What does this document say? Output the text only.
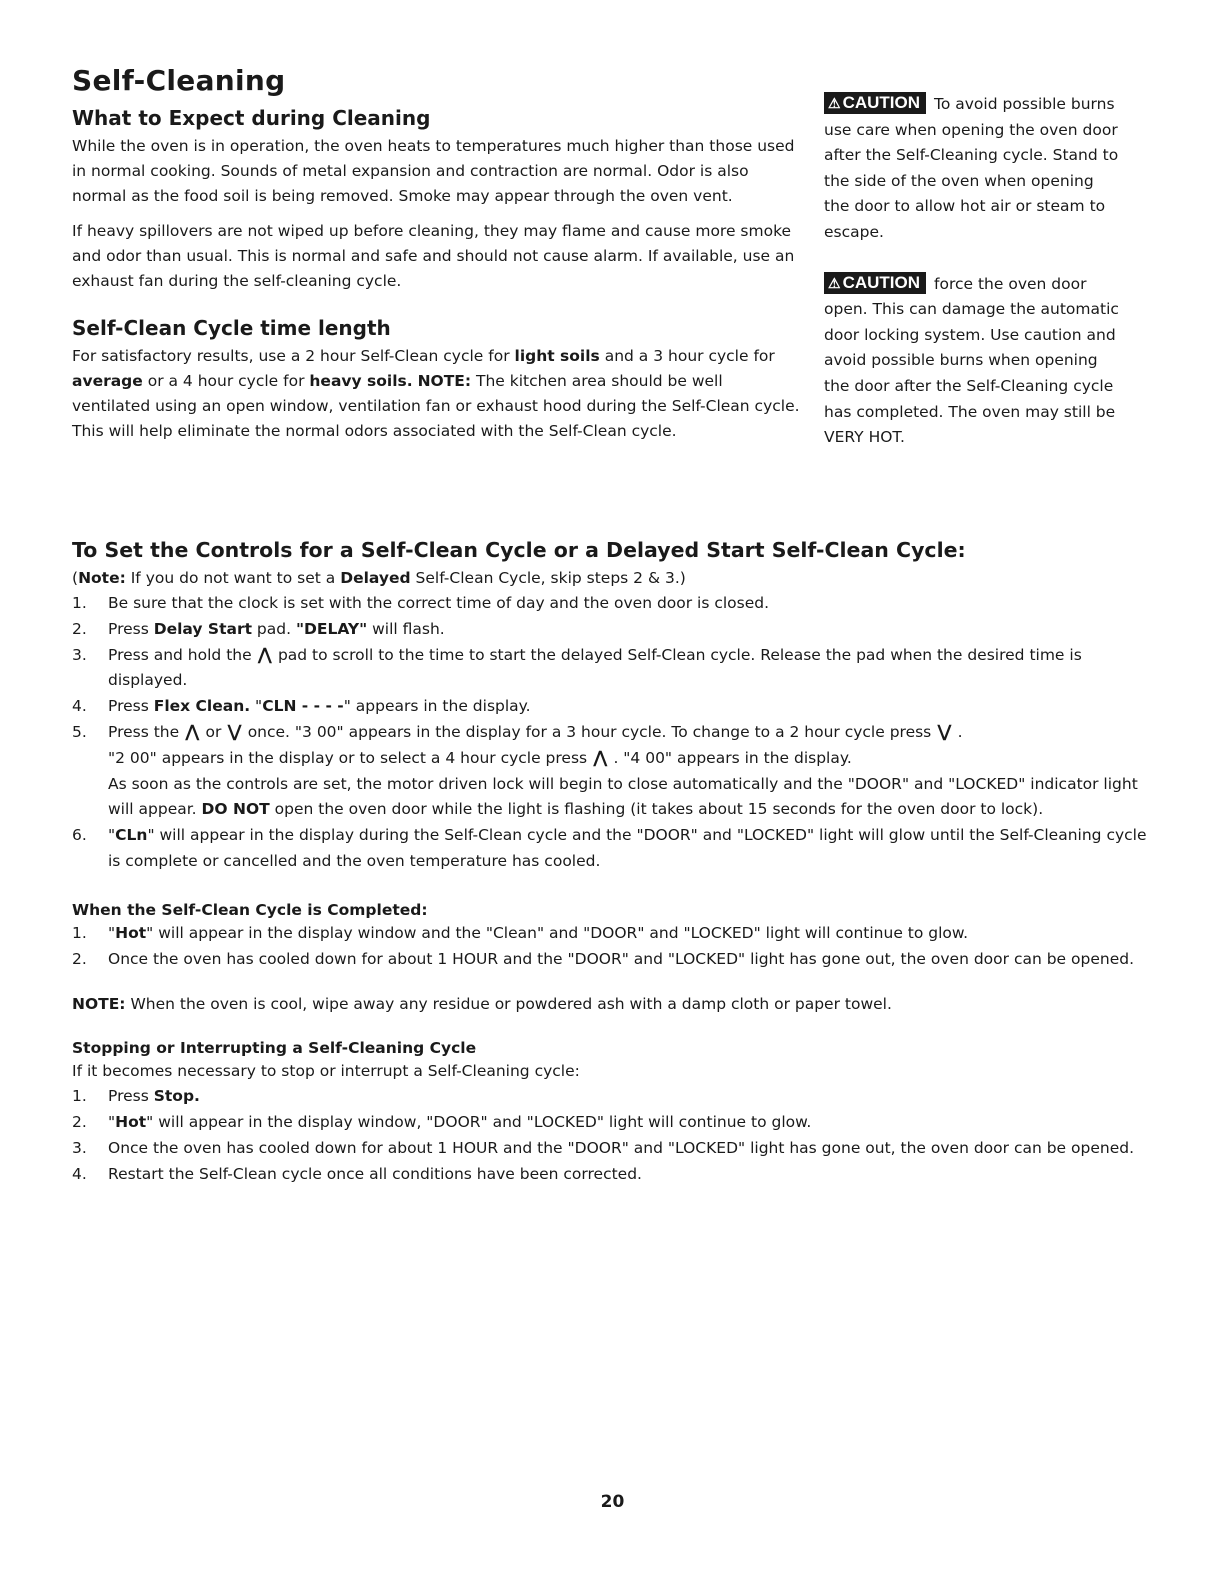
Self-Cleaning
What to Expect during Cleaning

While the oven is in operation, the oven heats to temperatures much higher than those used in normal cooking. Sounds of metal expansion and contraction are normal. Odor is also normal as the food soil is being removed. Smoke may appear through the oven vent.

If heavy spillovers are not wiped up before cleaning, they may flame and cause more smoke and odor than usual. This is normal and safe and should not cause alarm. If available, use an exhaust fan during the self-cleaning cycle.

Self-Clean Cycle time length

For satisfactory results, use a 2 hour Self-Clean cycle for light soils and a 3 hour cycle for average or a 4 hour cycle for heavy soils. NOTE: The kitchen area should be well ventilated using an open window, ventilation fan or exhaust hood during the Self-Clean cycle. This will help eliminate the normal odors associated with the Self-Clean cycle.

⚠ CAUTION To avoid possible burns use care when opening the oven door after the Self-Cleaning cycle. Stand to the side of the oven when opening the door to allow hot air or steam to escape.
⚠ CAUTION force the oven door open. This can damage the automatic door locking system. Use caution and avoid possible burns when opening the door after the Self-Cleaning cycle has completed. The oven may still be VERY HOT.
To Set the Controls for a Self-Clean Cycle or a Delayed Start Self-Clean Cycle:
(Note: If you do not want to set a Delayed Self-Clean Cycle, skip steps 2 & 3.)
1. Be sure that the clock is set with the correct time of day and the oven door is closed.
2. Press Delay Start pad. "DELAY" will flash.
3. Press and hold the ⋀ pad to scroll to the time to start the delayed Self-Clean cycle. Release the pad when the desired time is displayed.
4. Press Flex Clean. "CLN - - - -" appears in the display.
5. Press the ⋀ or ⋁ once. "3 00" appears in the display for a 3 hour cycle. To change to a 2 hour cycle press ⋁ .
"2 00" appears in the display or to select a 4 hour cycle press ⋀ . "4 00" appears in the display.
As soon as the controls are set, the motor driven lock will begin to close automatically and the "DOOR" and "LOCKED" indicator light will appear. DO NOT open the oven door while the light is flashing (it takes about 15 seconds for the oven door to lock).
6. "CLn" will appear in the display during the Self-Clean cycle and the "DOOR" and "LOCKED" light will glow until the Self-Cleaning cycle is complete or cancelled and the oven temperature has cooled.
When the Self-Clean Cycle is Completed:
1. "Hot" will appear in the display window and the "Clean" and "DOOR" and "LOCKED" light will continue to glow.
2. Once the oven has cooled down for about 1 HOUR and the "DOOR" and "LOCKED" light has gone out, the oven door can be opened.

NOTE: When the oven is cool, wipe away any residue or powdered ash with a damp cloth or paper towel.

Stopping or Interrupting a Self-Cleaning Cycle
If it becomes necessary to stop or interrupt a Self-Cleaning cycle:
1. Press Stop.
2. "Hot" will appear in the display window, "DOOR" and "LOCKED" light will continue to glow.
3. Once the oven has cooled down for about 1 HOUR and the "DOOR" and "LOCKED" light has gone out, the oven door can be opened.
4. Restart the Self-Clean cycle once all conditions have been corrected.
20
